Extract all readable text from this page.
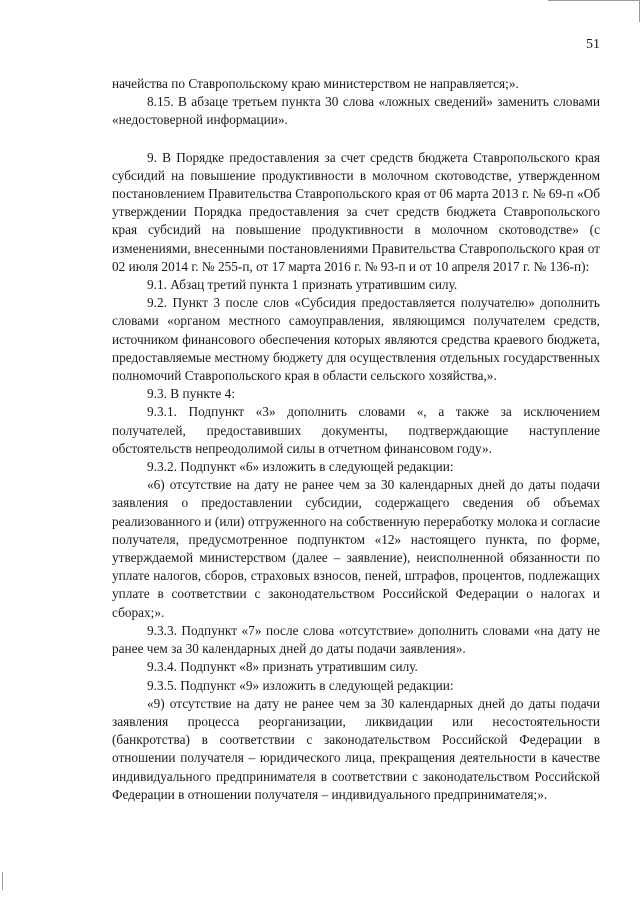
51

начейства по Ставропольскому краю министерством не направляется;».

8.15. В абзаце третьем пункта 30 слова «ложных сведений» заменить словами «недостоверной информации».

9. В Порядке предоставления за счет средств бюджета Ставропольского края субсидий на повышение продуктивности в молочном скотоводстве, утвержденном постановлением Правительства Ставропольского края от 06 марта 2013 г. № 69-п «Об утверждении Порядка предоставления за счет средств бюджета Ставропольского края субсидий на повышение продуктивности в молочном скотоводстве» (с изменениями, внесенными постановлениями Правительства Ставропольского края от 02 июля 2014 г. № 255-п, от 17 марта 2016 г. № 93-п и от 10 апреля 2017 г. № 136-п):

9.1. Абзац третий пункта 1 признать утратившим силу.

9.2. Пункт 3 после слов «Субсидия предоставляется получателю» дополнить словами «органом местного самоуправления, являющимся получателем средств, источником финансового обеспечения которых являются средства краевого бюджета, предоставляемые местному бюджету для осуществления отдельных государственных полномочий Ставропольского края в области сельского хозяйства,».

9.3. В пункте 4:

9.3.1. Подпункт «3» дополнить словами «, а также за исключением получателей, предоставивших документы, подтверждающие наступление обстоятельств непреодолимой силы в отчетном финансовом году».

9.3.2. Подпункт «6» изложить в следующей редакции:

«6) отсутствие на дату не ранее чем за 30 календарных дней до даты подачи заявления о предоставлении субсидии, содержащего сведения об объемах реализованного и (или) отгруженного на собственную переработку молока и согласие получателя, предусмотренное подпунктом «12» настоящего пункта, по форме, утверждаемой министерством (далее – заявление), неисполненной обязанности по уплате налогов, сборов, страховых взносов, пеней, штрафов, процентов, подлежащих уплате в соответствии с законодательством Российской Федерации о налогах и сборах;».

9.3.3. Подпункт «7» после слова «отсутствие» дополнить словами «на дату не ранее чем за 30 календарных дней до даты подачи заявления».

9.3.4. Подпункт «8» признать утратившим силу.

9.3.5. Подпункт «9» изложить в следующей редакции:

«9) отсутствие на дату не ранее чем за 30 календарных дней до даты подачи заявления процесса реорганизации, ликвидации или несостоятельности (банкротства) в соответствии с законодательством Российской Федерации в отношении получателя – юридического лица, прекращения деятельности в качестве индивидуального предпринимателя в соответствии с законодательством Российской Федерации в отношении получателя – индивидуального предпринимателя;».
